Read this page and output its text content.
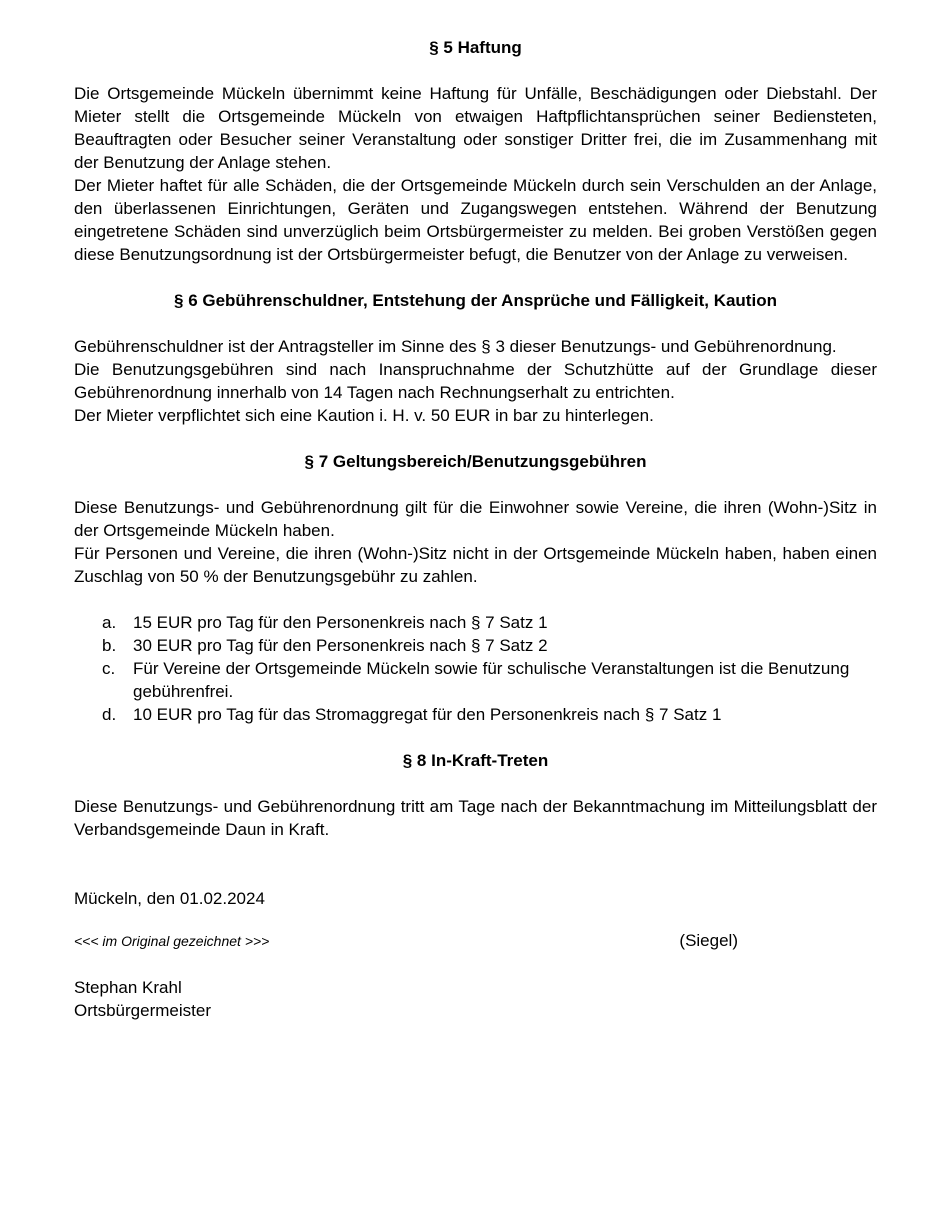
§ 5 Haftung

Die Ortsgemeinde Mückeln übernimmt keine Haftung für Unfälle, Beschädigungen oder Diebstahl. Der Mieter stellt die Ortsgemeinde Mückeln von etwaigen Haftpflichtansprüchen seiner Bediensteten, Beauftragten oder Besucher seiner Veranstaltung oder sonstiger Dritter frei, die im Zusammenhang mit der Benutzung der Anlage stehen.

Der Mieter haftet für alle Schäden, die der Ortsgemeinde Mückeln durch sein Verschulden an der Anlage, den überlassenen Einrichtungen, Geräten und Zugangswegen entstehen. Während der Benutzung eingetretene Schäden sind unverzüglich beim Ortsbürgermeister zu melden. Bei groben Verstößen gegen diese Benutzungsordnung ist der Ortsbürgermeister befugt, die Benutzer von der Anlage zu verweisen.

§ 6 Gebührenschuldner, Entstehung der Ansprüche und Fälligkeit, Kaution

Gebührenschuldner ist der Antragsteller im Sinne des § 3 dieser Benutzungs- und Gebührenordnung.

Die Benutzungsgebühren sind nach Inanspruchnahme der Schutzhütte auf der Grundlage dieser Gebührenordnung innerhalb von 14 Tagen nach Rechnungserhalt zu entrichten.

Der Mieter verpflichtet sich eine Kaution i. H. v. 50 EUR in bar zu hinterlegen.

§ 7 Geltungsbereich/Benutzungsgebühren

Diese Benutzungs- und Gebührenordnung gilt für die Einwohner sowie Vereine, die ihren (Wohn-)Sitz in der Ortsgemeinde Mückeln haben.

Für Personen und Vereine, die ihren (Wohn-)Sitz nicht in der Ortsgemeinde Mückeln haben, haben einen Zuschlag von 50 % der Benutzungsgebühr zu zahlen.

a. 15 EUR pro Tag für den Personenkreis nach § 7 Satz 1
b. 30 EUR pro Tag für den Personenkreis nach § 7 Satz 2
c.	Für Vereine der Ortsgemeinde Mückeln sowie für schulische Veranstaltungen ist die Benutzung gebührenfrei.
d. 10 EUR pro Tag für das Stromaggregat für den Personenkreis nach § 7 Satz 1
§ 8 In-Kraft-Treten

Diese Benutzungs- und Gebührenordnung tritt am Tage nach der Bekanntmachung im Mitteilungsblatt der Verbandsgemeinde Daun in Kraft.

Mückeln, den 01.02.2024
<<< im Original gezeichnet >>>	(Siegel)
Stephan Krahl
Ortsbürgermeister
